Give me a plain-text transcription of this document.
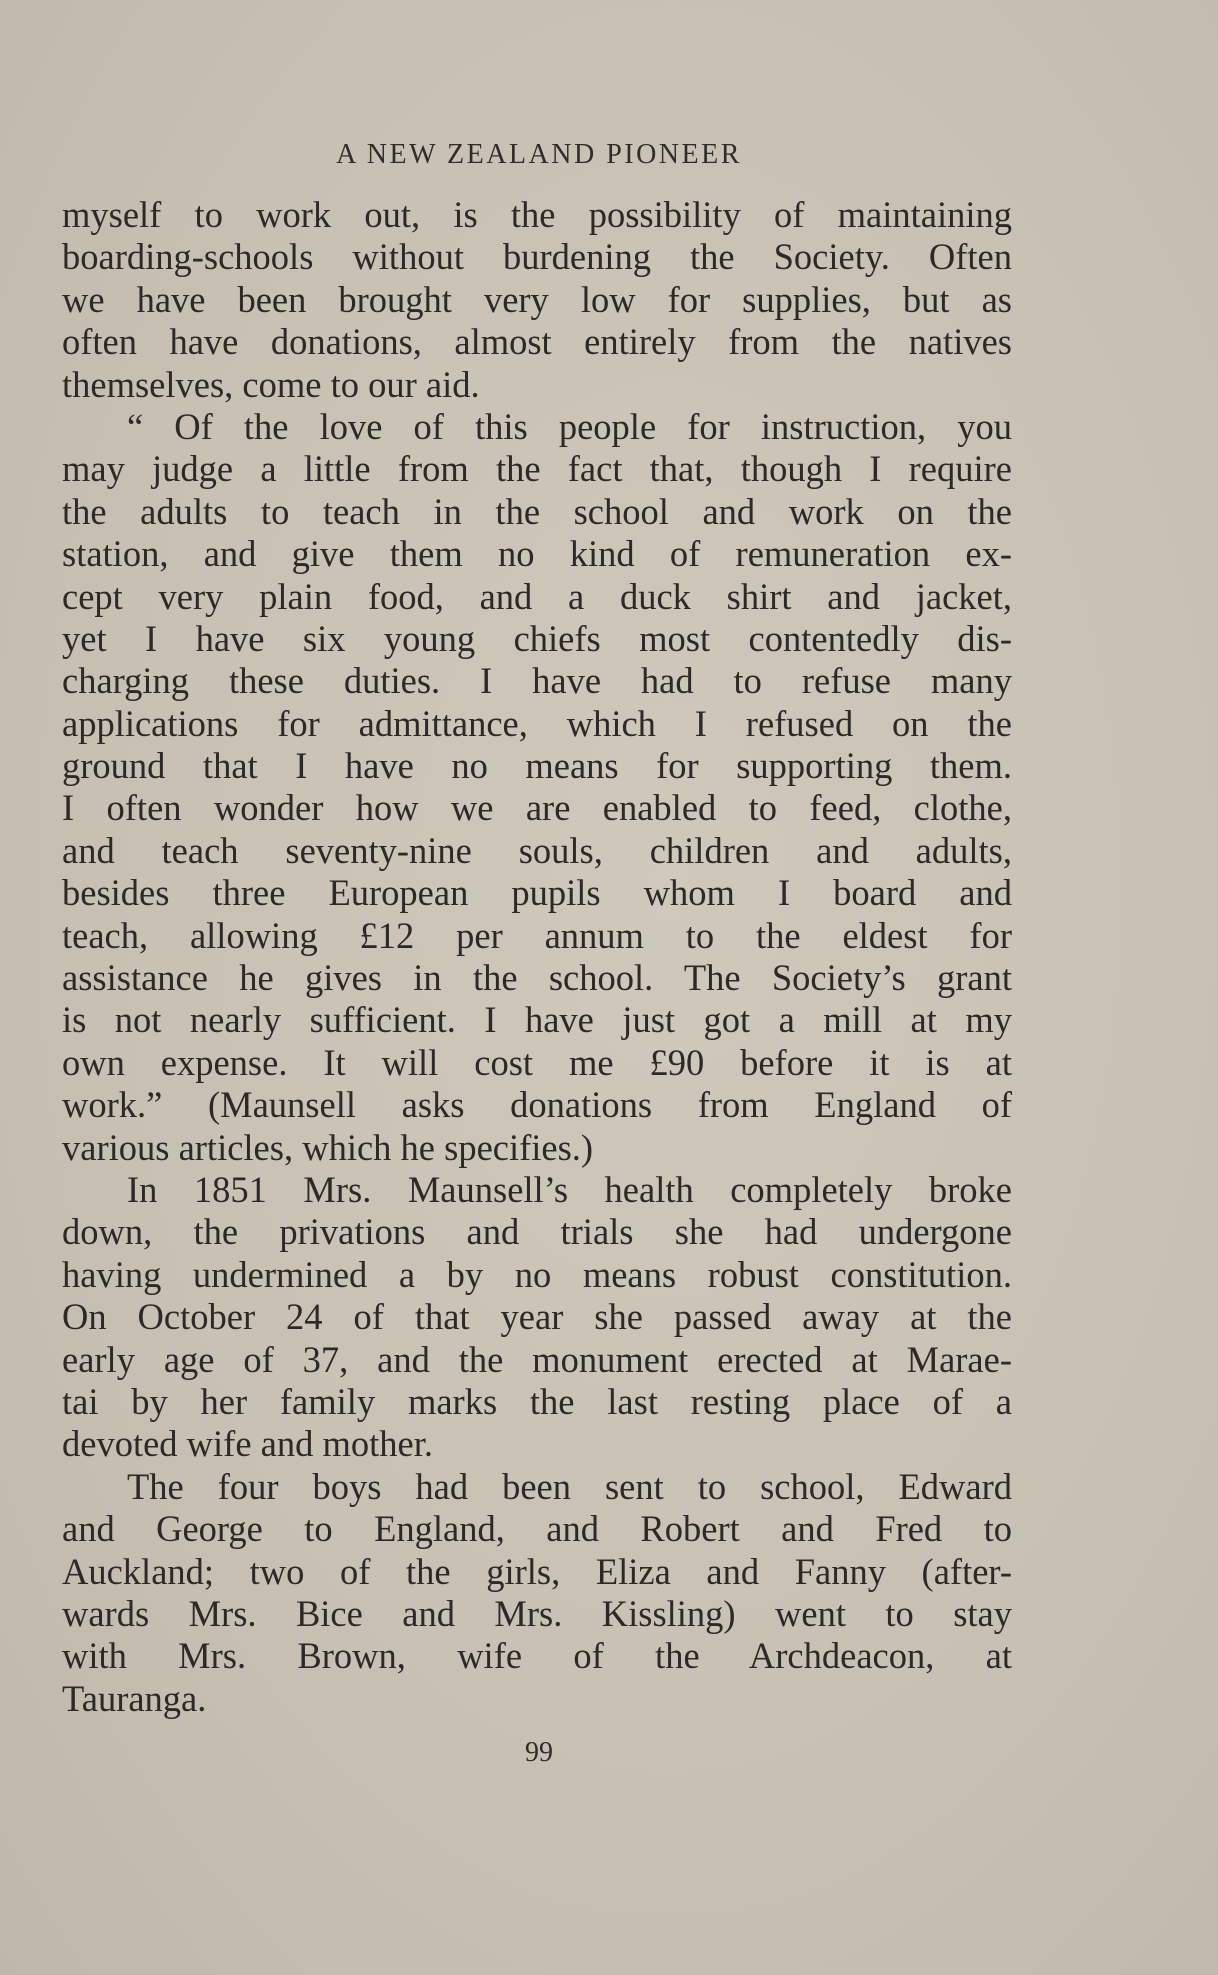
A NEW ZEALAND PIONEER
myself to work out, is the possibility of maintaining
boarding-schools without burdening the Society. Often
we have been brought very low for supplies, but as
often have donations, almost entirely from the natives
themselves, come to our aid.
“ Of the love of this people for instruction, you
may judge a little from the fact that, though I require
the adults to teach in the school and work on the
station, and give them no kind of remuneration ex-
cept very plain food, and a duck shirt and jacket,
yet I have six young chiefs most contentedly dis-
charging these duties. I have had to refuse many
applications for admittance, which I refused on the
ground that I have no means for supporting them.
I often wonder how we are enabled to feed, clothe,
and teach seventy-nine souls, children and adults,
besides three European pupils whom I board and
teach, allowing £12 per annum to the eldest for
assistance he gives in the school. The Society’s grant
is not nearly sufficient. I have just got a mill at my
own expense. It will cost me £90 before it is at
work.” (Maunsell asks donations from England of
various articles, which he specifies.)
In 1851 Mrs. Maunsell’s health completely broke
down, the privations and trials she had undergone
having undermined a by no means robust constitution.
On October 24 of that year she passed away at the
early age of 37, and the monument erected at Marae-
tai by her family marks the last resting place of a
devoted wife and mother.
The four boys had been sent to school, Edward
and George to England, and Robert and Fred to
Auckland; two of the girls, Eliza and Fanny (after-
wards Mrs. Bice and Mrs. Kissling) went to stay
with Mrs. Brown, wife of the Archdeacon, at
Tauranga.
99
